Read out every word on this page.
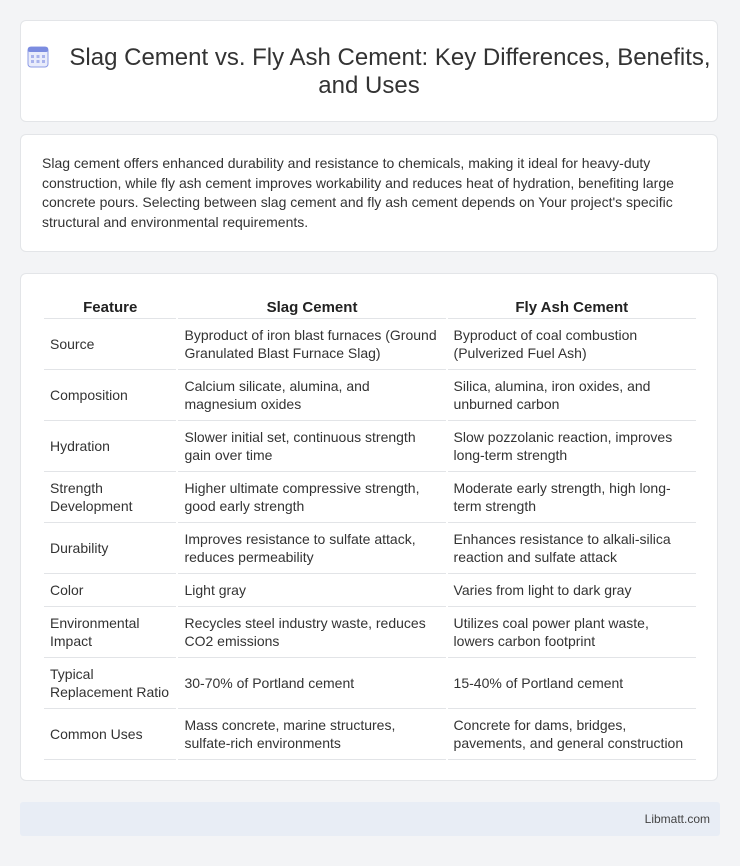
Slag Cement vs. Fly Ash Cement: Key Differences, Benefits, and Uses
Slag cement offers enhanced durability and resistance to chemicals, making it ideal for heavy-duty construction, while fly ash cement improves workability and reduces heat of hydration, benefiting large concrete pours. Selecting between slag cement and fly ash cement depends on Your project's specific structural and environmental requirements.
Feature	Slag Cement	Fly Ash Cement
Source	Byproduct of iron blast furnaces (Ground Granulated Blast Furnace Slag)	Byproduct of coal combustion (Pulverized Fuel Ash)
Composition	Calcium silicate, alumina, and magnesium oxides	Silica, alumina, iron oxides, and unburned carbon
Hydration	Slower initial set, continuous strength gain over time	Slow pozzolanic reaction, improves long-term strength
Strength Development	Higher ultimate compressive strength, good early strength	Moderate early strength, high long-term strength
Durability	Improves resistance to sulfate attack, reduces permeability	Enhances resistance to alkali-silica reaction and sulfate attack
Color	Light gray	Varies from light to dark gray
Environmental Impact	Recycles steel industry waste, reduces CO2 emissions	Utilizes coal power plant waste, lowers carbon footprint
Typical Replacement Ratio	30-70% of Portland cement	15-40% of Portland cement
Common Uses	Mass concrete, marine structures, sulfate-rich environments	Concrete for dams, bridges, pavements, and general construction
Libmatt.com
